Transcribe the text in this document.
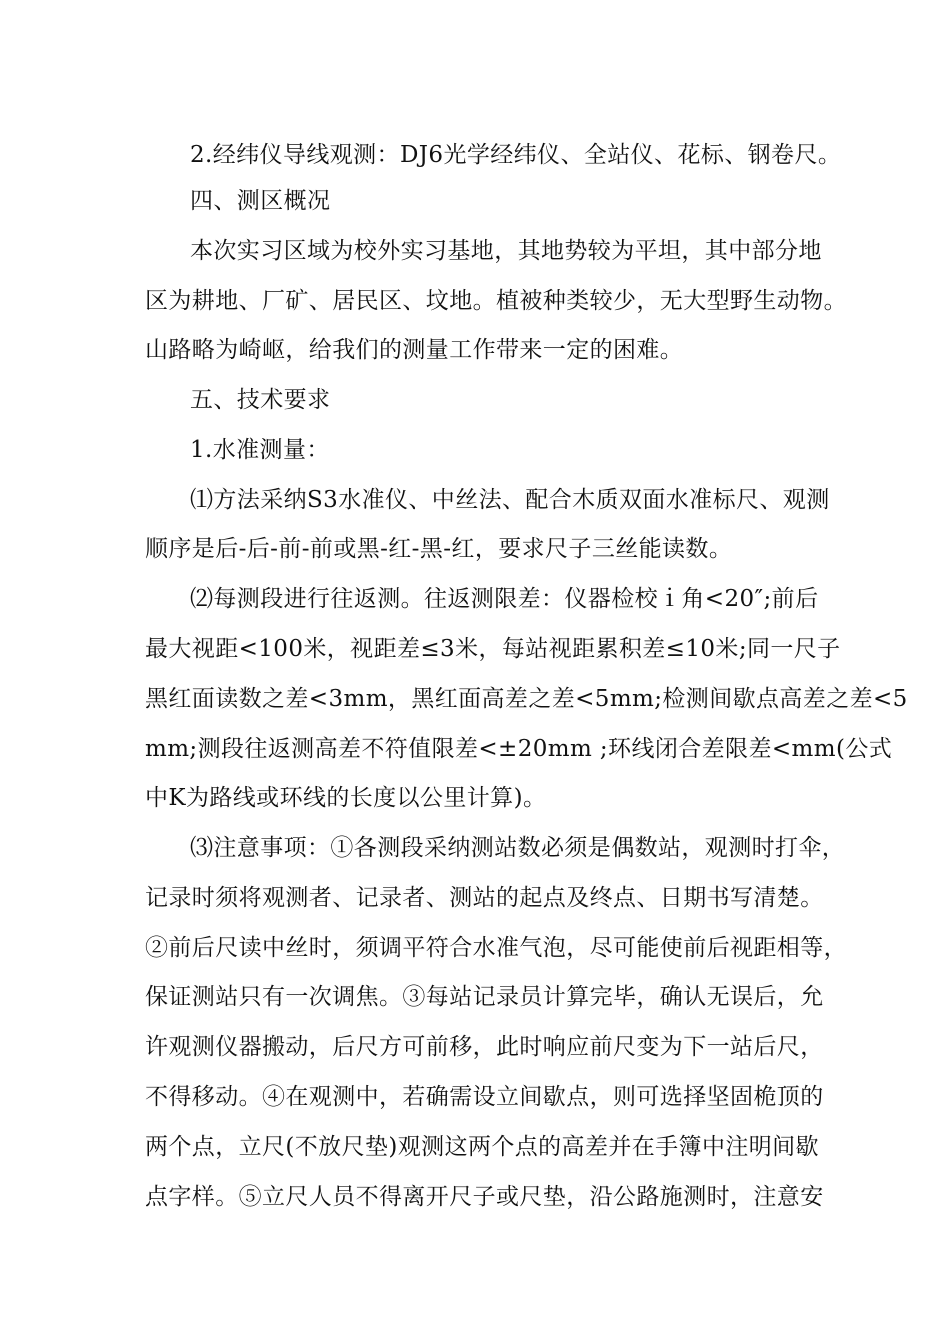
2.经纬仪导线观测：DJ6光学经纬仪、全站仪、花标、钢卷尺。
四、测区概况
本次实习区域为校外实习基地，其地势较为平坦，其中部分地
区为耕地、厂矿、居民区、坟地。植被种类较少，无大型野生动物。
山路略为崎岖，给我们的测量工作带来一定的困难。
五、技术要求
1.水准测量：
⑴方法采纳S3水准仪、中丝法、配合木质双面水准标尺、观测
顺序是后-后-前-前或黑-红-黑-红，要求尺子三丝能读数。
⑵每测段进行往返测。往返测限差：仪器检校ｉ角<20″;前后
最大视距<100米，视距差≤3米，每站视距累积差≤10米;同一尺子
黑红面读数之差<3mm，黑红面高差之差<5mm;检测间歇点高差之差<5
mm;测段往返测高差不符值限差<±20mm ;环线闭合差限差<mm(公式
中K为路线或环线的长度以公里计算)。
⑶注意事项：①各测段采纳测站数必须是偶数站，观测时打伞，
记录时须将观测者、记录者、测站的起点及终点、日期书写清楚。
②前后尺读中丝时，须调平符合水准气泡，尽可能使前后视距相等，
保证测站只有一次调焦。③每站记录员计算完毕，确认无误后，允
许观测仪器搬动，后尺方可前移，此时响应前尺变为下一站后尺，
不得移动。④在观测中，若确需设立间歇点，则可选择坚固桅顶的
两个点，立尺(不放尺垫)观测这两个点的高差并在手簿中注明间歇
点字样。⑤立尺人员不得离开尺子或尺垫，沿公路施测时，注意安
